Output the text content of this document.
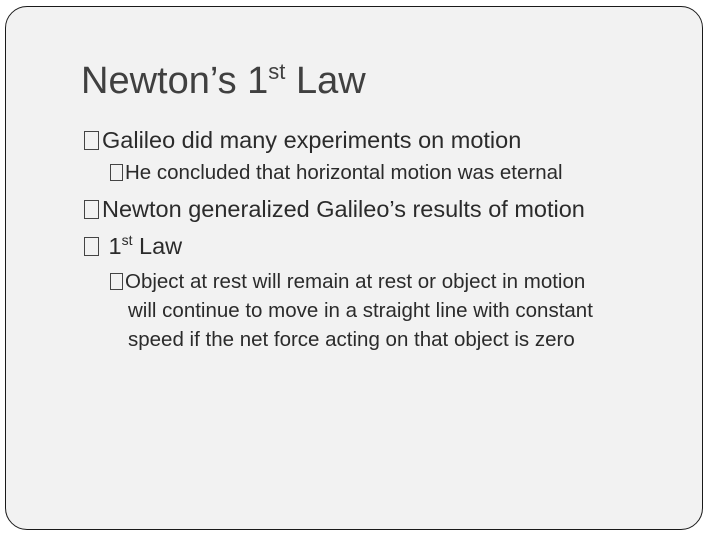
Newton’s 1st Law
Galileo did many experiments on motion
He concluded that horizontal motion was eternal
Newton generalized Galileo’s results of motion
1st Law
Object at rest will remain at rest or object in motion
will continue to move in a straight line with constant
speed if the net force acting on that object is zero
